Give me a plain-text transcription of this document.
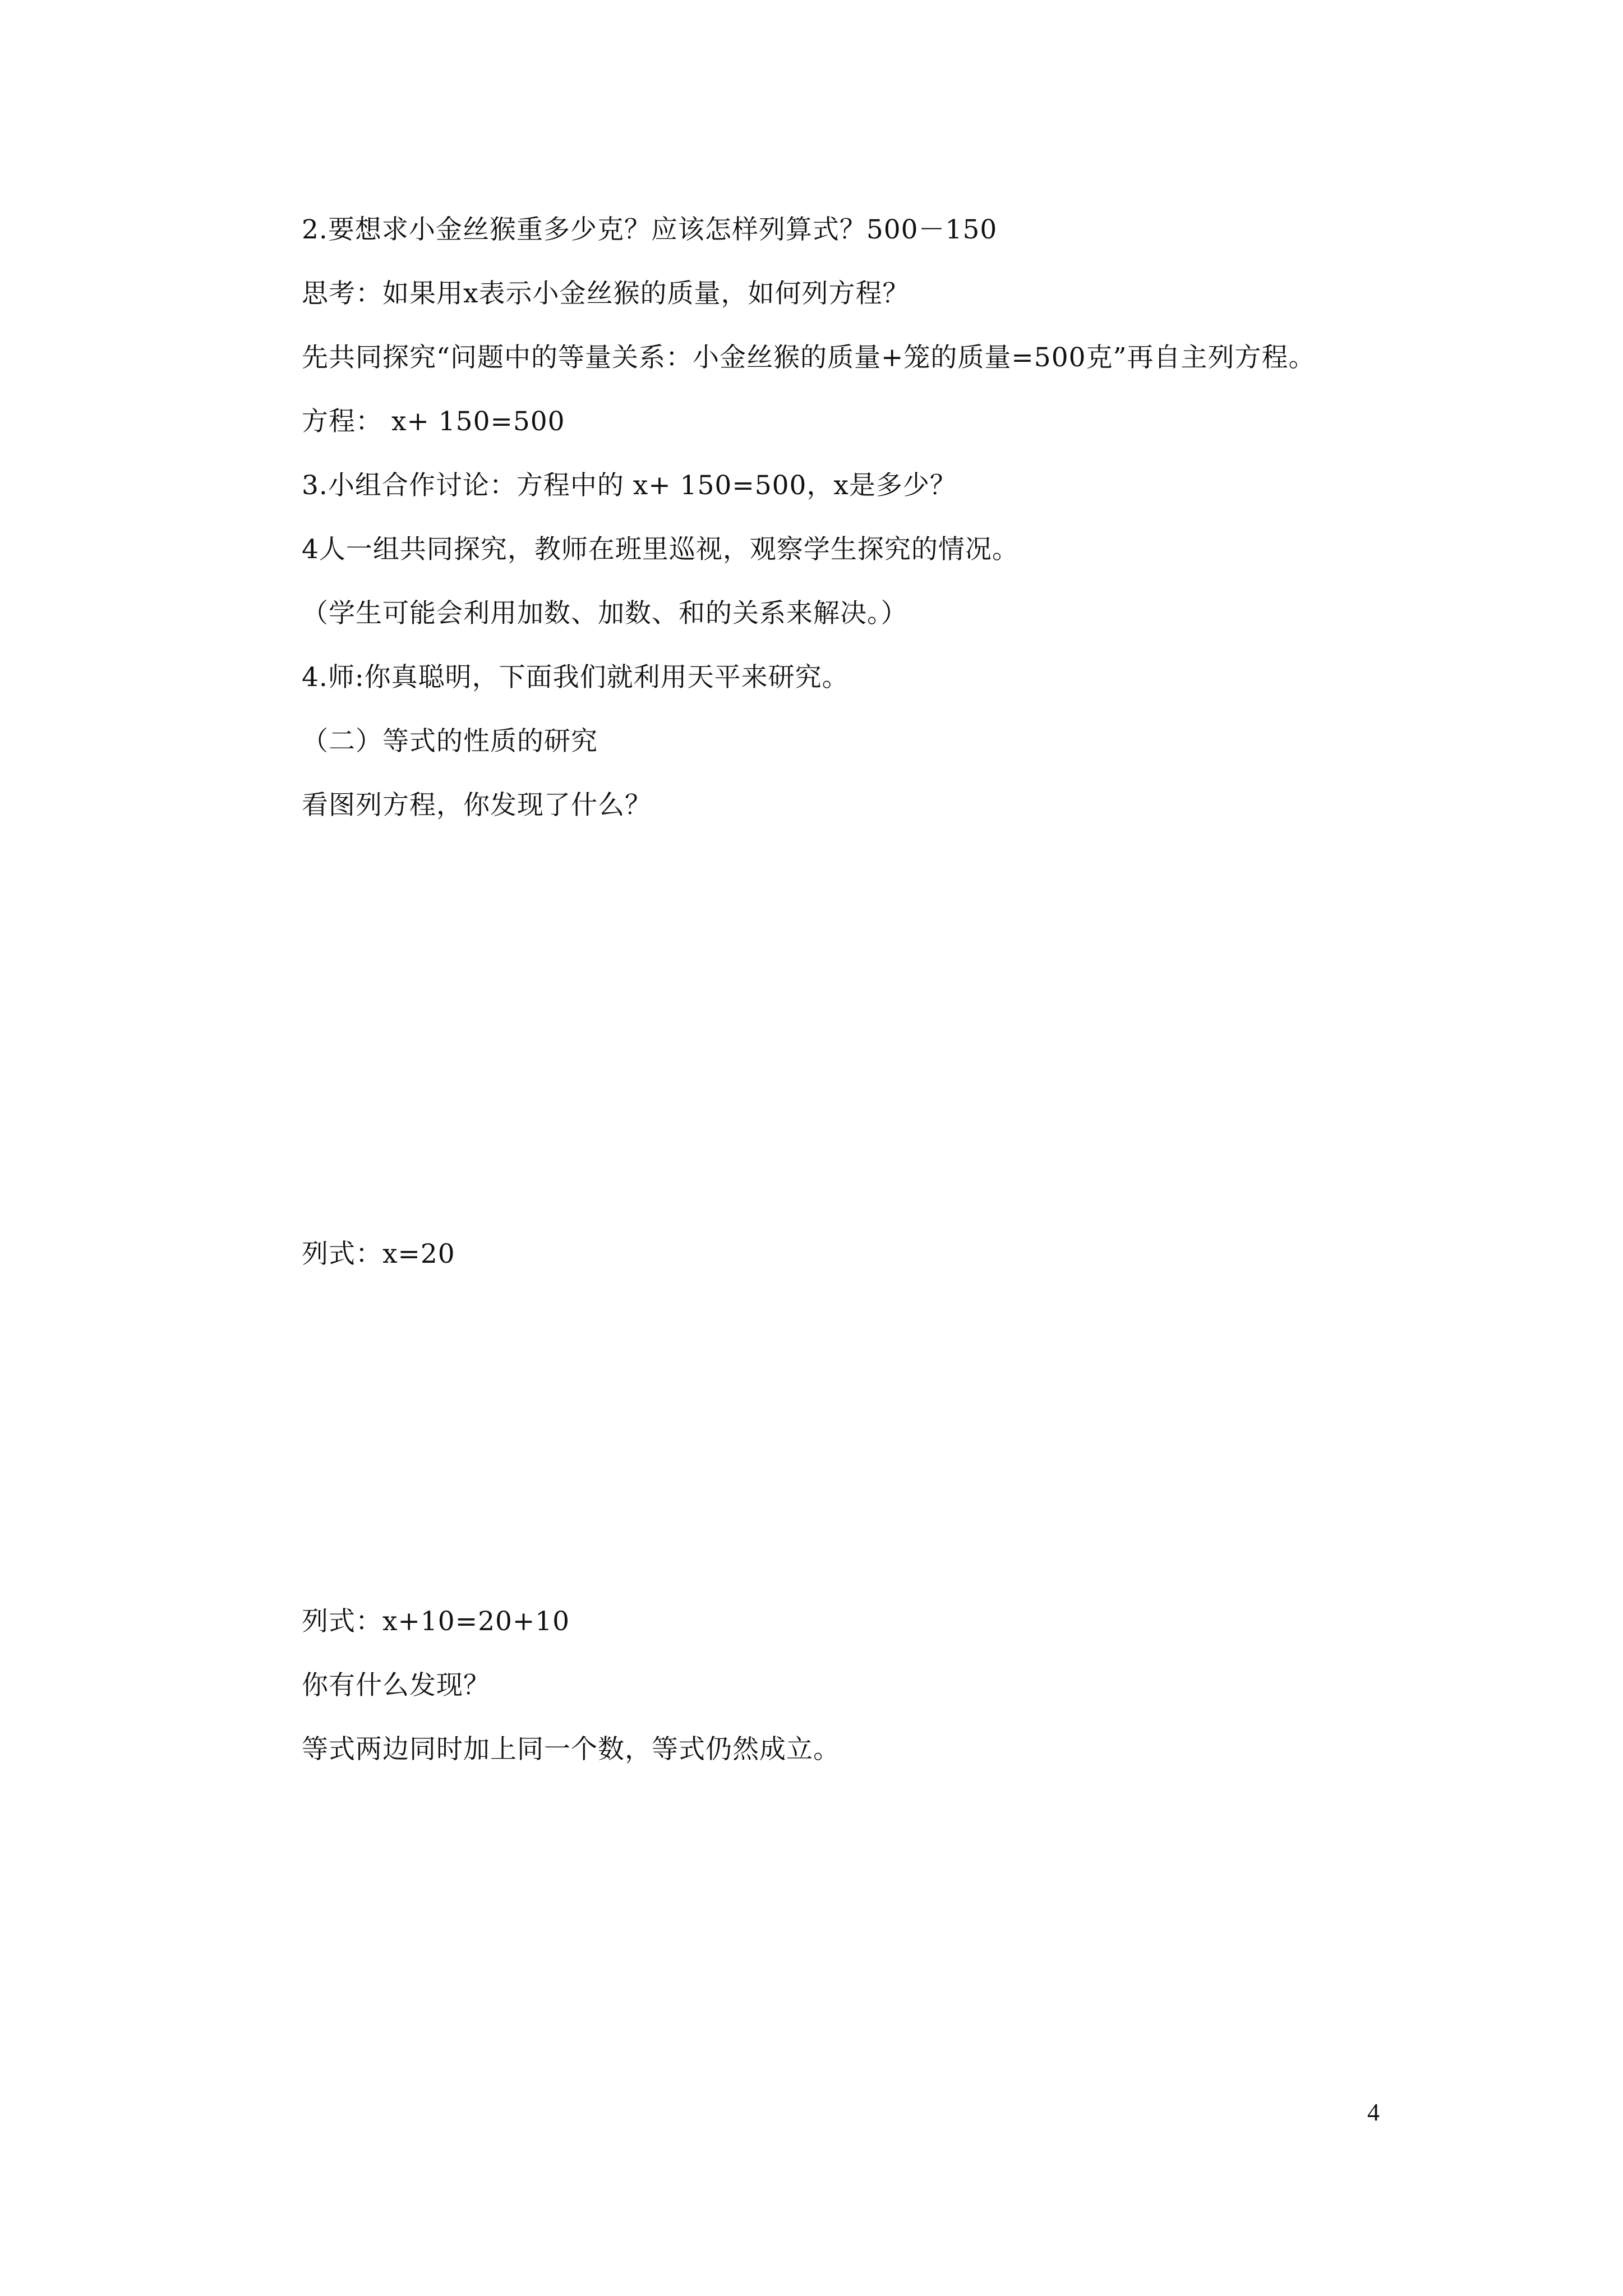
2.要想求小金丝猴重多少克？应该怎样列算式？500－150
思考：如果用x表示小金丝猴的质量，如何列方程？
先共同探究“问题中的等量关系：小金丝猴的质量+笼的质量=500克”再自主列方程。
方程： x+ 150=500
3.小组合作讨论：方程中的 x+ 150=500，x是多少？
4人一组共同探究，教师在班里巡视，观察学生探究的情况。
（学生可能会利用加数、加数、和的关系来解决。）
4.师:你真聪明，下面我们就利用天平来研究。
（二）等式的性质的研究
看图列方程，你发现了什么？
列式：x=20
列式：x+10=20+10
你有什么发现？
等式两边同时加上同一个数，等式仍然成立。
4
